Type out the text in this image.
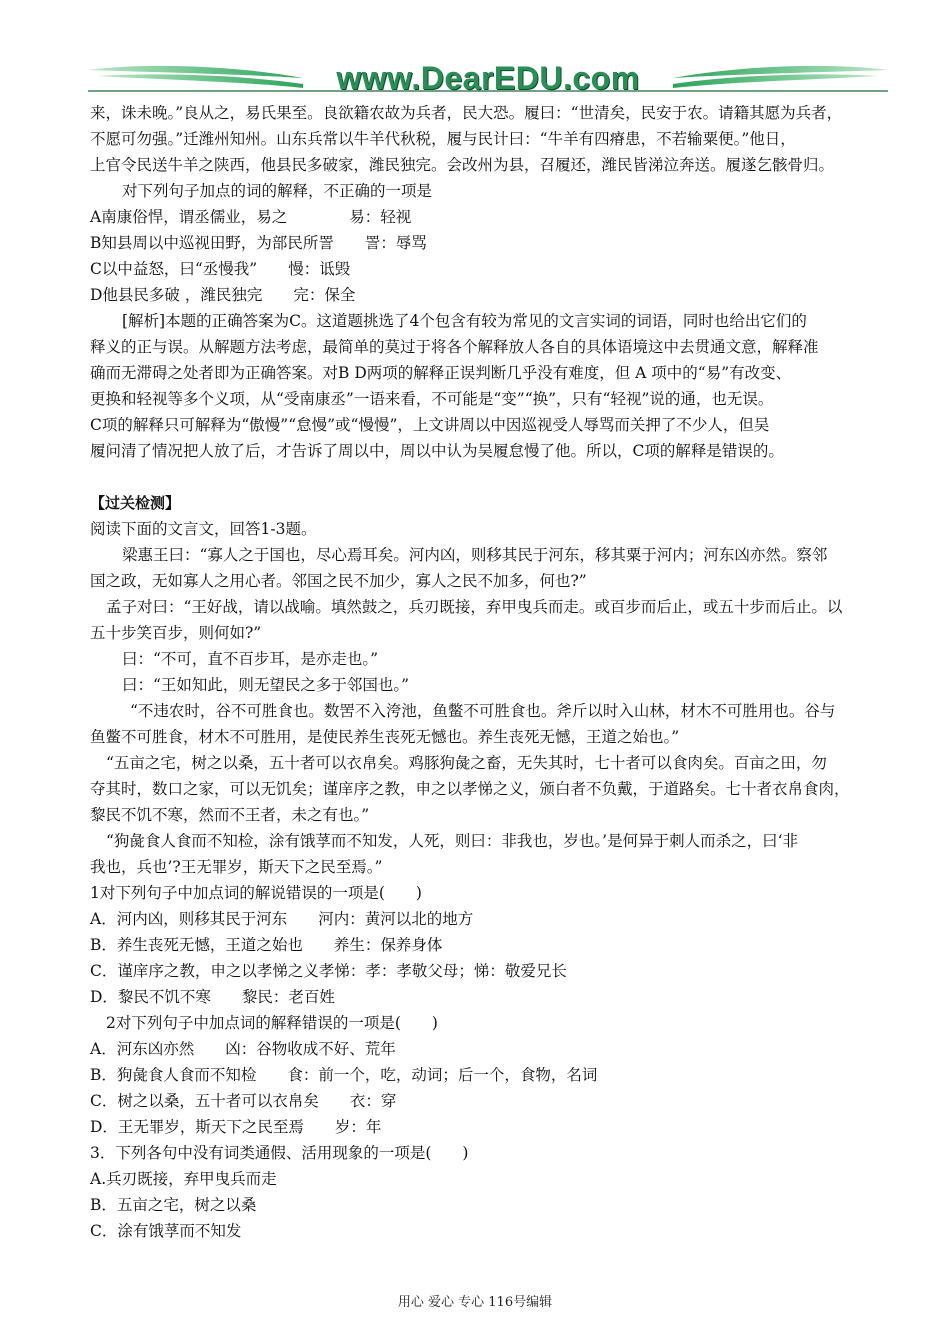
www.DearEDU.com
来，诛未晚。”良从之，易氏果至。良欲籍农故为兵者，民大恐。履曰：“世清矣，民安于农。请籍其愿为兵者，
不愿可勿强。”迁潍州知州。山东兵常以牛羊代秋税，履与民计曰：“牛羊有四瘠患，不若输粟便。”他日，
上官令民送牛羊之陕西，他县民多破家，潍民独完。会改州为县，召履还，潍民皆涕泣奔送。履遂乞骸骨归。
对下列句子加点的词的解释，不正确的一项是
A南康俗悍，谓丞儒业，易之　　　　易：轻视
B知县周以中巡视田野，为部民所詈　　詈：辱骂
C以中益怒，曰“丞慢我”　　慢：诋毁
D他县民多破 ，潍民独完　　完：保全
[解析]本题的正确答案为C。这道题挑选了4个包含有较为常见的文言实词的词语，同时也给出它们的
释义的正与误。从解题方法考虑，最简单的莫过于将各个解释放人各自的具体语境这中去贯通文意，解释准
确而无滞碍之处者即为正确答案。对B D两项的解释正误判断几乎没有难度，但 A 项中的“易”有改变、
更换和轻视等多个义项，从“受南康丞”一语来看，不可能是“变”“换”，只有“轻视”说的通，也无误。
C项的解释只可解释为“傲慢”“怠慢”或“慢慢”，上文讲周以中因巡视受人辱骂而关押了不少人，但吴
履问清了情况把人放了后，才告诉了周以中，周以中认为吴履怠慢了他。所以，C项的解释是错误的。
【过关检测】
阅读下面的文言文，回答1-3题。
梁惠王曰：“寡人之于国也，尽心焉耳矣。河内凶，则移其民于河东，移其粟于河内；河东凶亦然。察邻
国之政，无如寡人之用心者。邻国之民不加少，寡人之民不加多，何也?”
孟子对曰：“王好战，请以战喻。填然鼓之，兵刃既接，弃甲曳兵而走。或百步而后止，或五十步而后止。以
五十步笑百步，则何如?”
曰：“不可，直不百步耳，是亦走也。”
曰：“王如知此，则无望民之多于邻国也。”
“不违农时，谷不可胜食也。数罟不入洿池，鱼鳖不可胜食也。斧斤以时入山林，材木不可胜用也。谷与
鱼鳖不可胜食，材木不可胜用，是使民养生丧死无憾也。养生丧死无憾，王道之始也。”
“五亩之宅，树之以桑，五十者可以衣帛矣。鸡豚狗彘之畜，无失其时，七十者可以食肉矣。百亩之田，勿
夺其时，数口之家，可以无饥矣；谨庠序之教，申之以孝悌之义，颁白者不负戴，于道路矣。七十者衣帛食肉，
黎民不饥不寒，然而不王者，未之有也。”
“狗彘食人食而不知检，涂有饿莩而不知发，人死，则曰：非我也，岁也。’是何异于刺人而杀之，曰‘非
我也，兵也’?王无罪岁，斯天下之民至焉。”
1对下列句子中加点词的解说错误的一项是(　　)
A．河内凶，则移其民于河东　　河内：黄河以北的地方
B．养生丧死无憾，王道之始也　　养生：保养身体
C．谨庠序之教，申之以孝悌之义孝悌：孝：孝敬父母；悌：敬爱兄长
D．黎民不饥不寒　　黎民：老百姓
2对下列句子中加点词的解释错误的一项是(　　)
A．河东凶亦然　　凶：谷物收成不好、荒年
B．狗彘食人食而不知检　　食：前一个，吃，动词；后一个，食物，名词
C．树之以桑，五十者可以衣帛矣　　衣：穿
D．王无罪岁，斯天下之民至焉　　岁：年
3．下列各句中没有词类通假、活用现象的一项是(　　)
A.兵刃既接，弃甲曳兵而走
B．五亩之宅，树之以桑
C．涂有饿莩而不知发
用心 爱心 专心 116号编辑
